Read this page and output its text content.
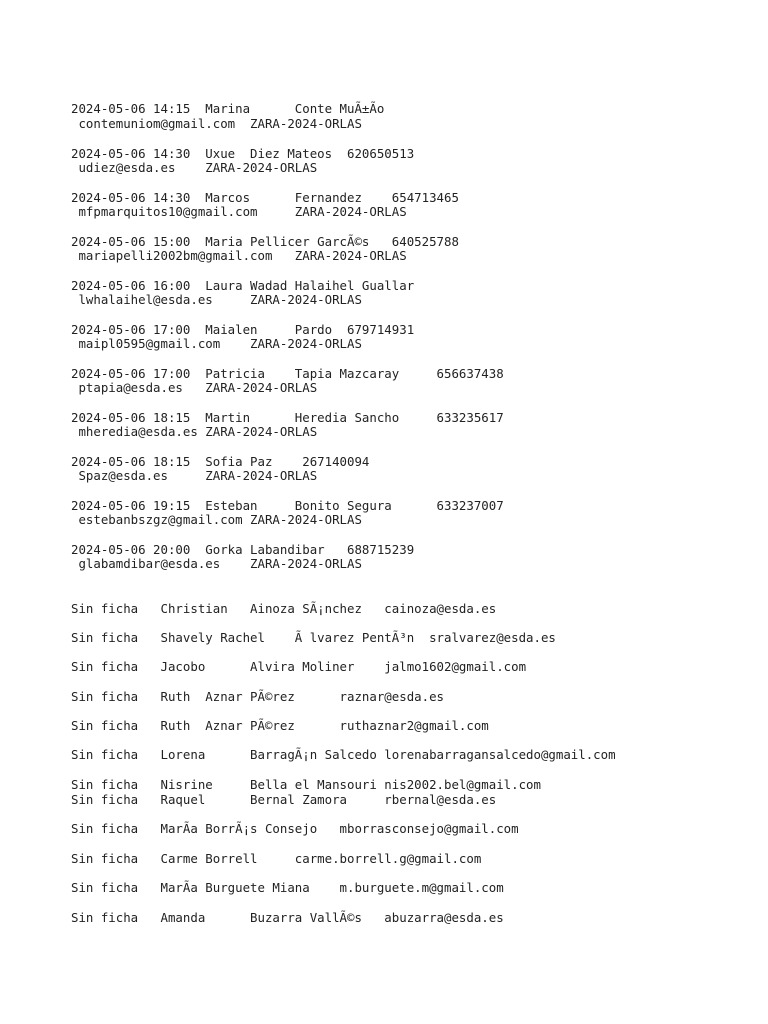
2024-05-06 14:15  Marina      Conte MuÃ±Ão
contemuniom@gmail.com  ZARA-2024-ORLAS
2024-05-06 14:30  Uxue  Diez Mateos  620650513
udiez@esda.es    ZARA-2024-ORLAS
2024-05-06 14:30  Marcos      Fernandez    654713465
mfpmarquitos10@gmail.com     ZARA-2024-ORLAS
2024-05-06 15:00  Maria Pellicer GarcÃ©s   640525788
mariapelli2002bm@gmail.com   ZARA-2024-ORLAS
2024-05-06 16:00  Laura Wadad Halaihel Guallar
lwhalaihel@esda.es     ZARA-2024-ORLAS
2024-05-06 17:00  Maialen     Pardo  679714931
maipl0595@gmail.com    ZARA-2024-ORLAS
2024-05-06 17:00  Patricia    Tapia Mazcaray     656637438
ptapia@esda.es   ZARA-2024-ORLAS
2024-05-06 18:15  Martin      Heredia Sancho     633235617
mheredia@esda.es ZARA-2024-ORLAS
2024-05-06 18:15  Sofia Paz    267140094
Spaz@esda.es     ZARA-2024-ORLAS
2024-05-06 19:15  Esteban     Bonito Segura      633237007
estebanbszgz@gmail.com ZARA-2024-ORLAS
2024-05-06 20:00  Gorka Labandibar   688715239
glabamdibar@esda.es    ZARA-2024-ORLAS
Sin ficha   Christian   Ainoza SÃ¡nchez   cainoza@esda.es
Sin ficha   Shavely Rachel    Ã lvarez PentÃ³n  sralvarez@esda.es
Sin ficha   Jacobo      Alvira Moliner    jalmo1602@gmail.com
Sin ficha   Ruth  Aznar PÃ©rez      raznar@esda.es
Sin ficha   Ruth  Aznar PÃ©rez      ruthaznar2@gmail.com
Sin ficha   Lorena      BarragÃ¡n Salcedo lorenabarragansalcedo@gmail.com
Sin ficha   Nisrine     Bella el Mansouri nis2002.bel@gmail.com
Sin ficha   Raquel      Bernal Zamora     rbernal@esda.es
Sin ficha   MarÃa BorrÃ¡s Consejo   mborrasconsejo@gmail.com
Sin ficha   Carme Borrell     carme.borrell.g@gmail.com
Sin ficha   MarÃa Burguete Miana    m.burguete.m@gmail.com
Sin ficha   Amanda      Buzarra VallÃ©s   abuzarra@esda.es
